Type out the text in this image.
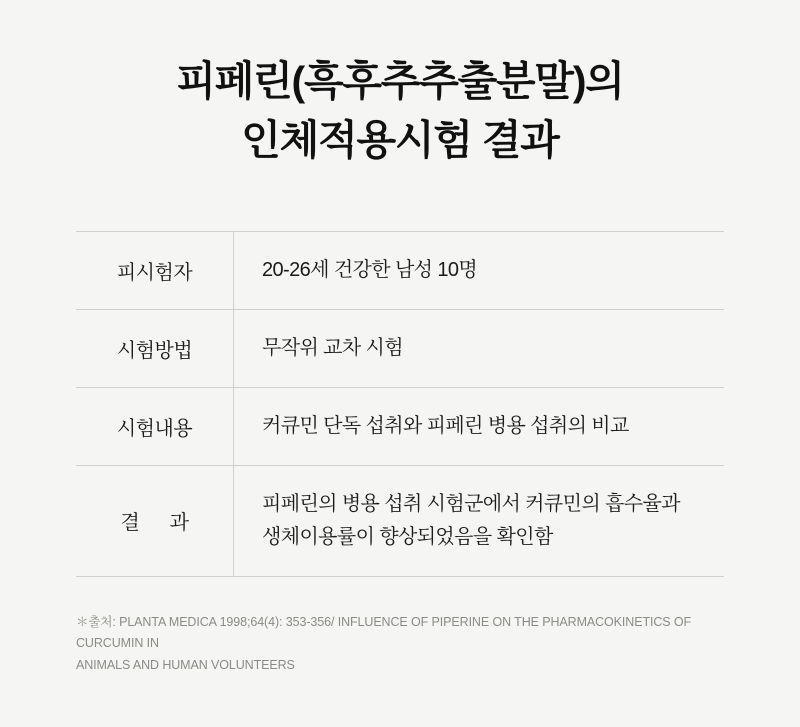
피페린(흑후추추출분말)의
인체적용시험 결과
피시험자	20-26세 건강한 남성 10명

시험방법	무작위 교차 시험

시험내용	커큐민 단독 섭취와 피페린 병용 섭취의 비교

결      과	피페린의 병용 섭취 시험군에서 커큐민의 흡수율과
생체이용률이 향상되었음을 확인함
＊출처: PLANTA MEDICA 1998;64(4): 353-356/ INFLUENCE OF PIPERINE ON THE PHARMACOKINETICS OF CURCUMIN IN
ANIMALS AND HUMAN VOLUNTEERS
